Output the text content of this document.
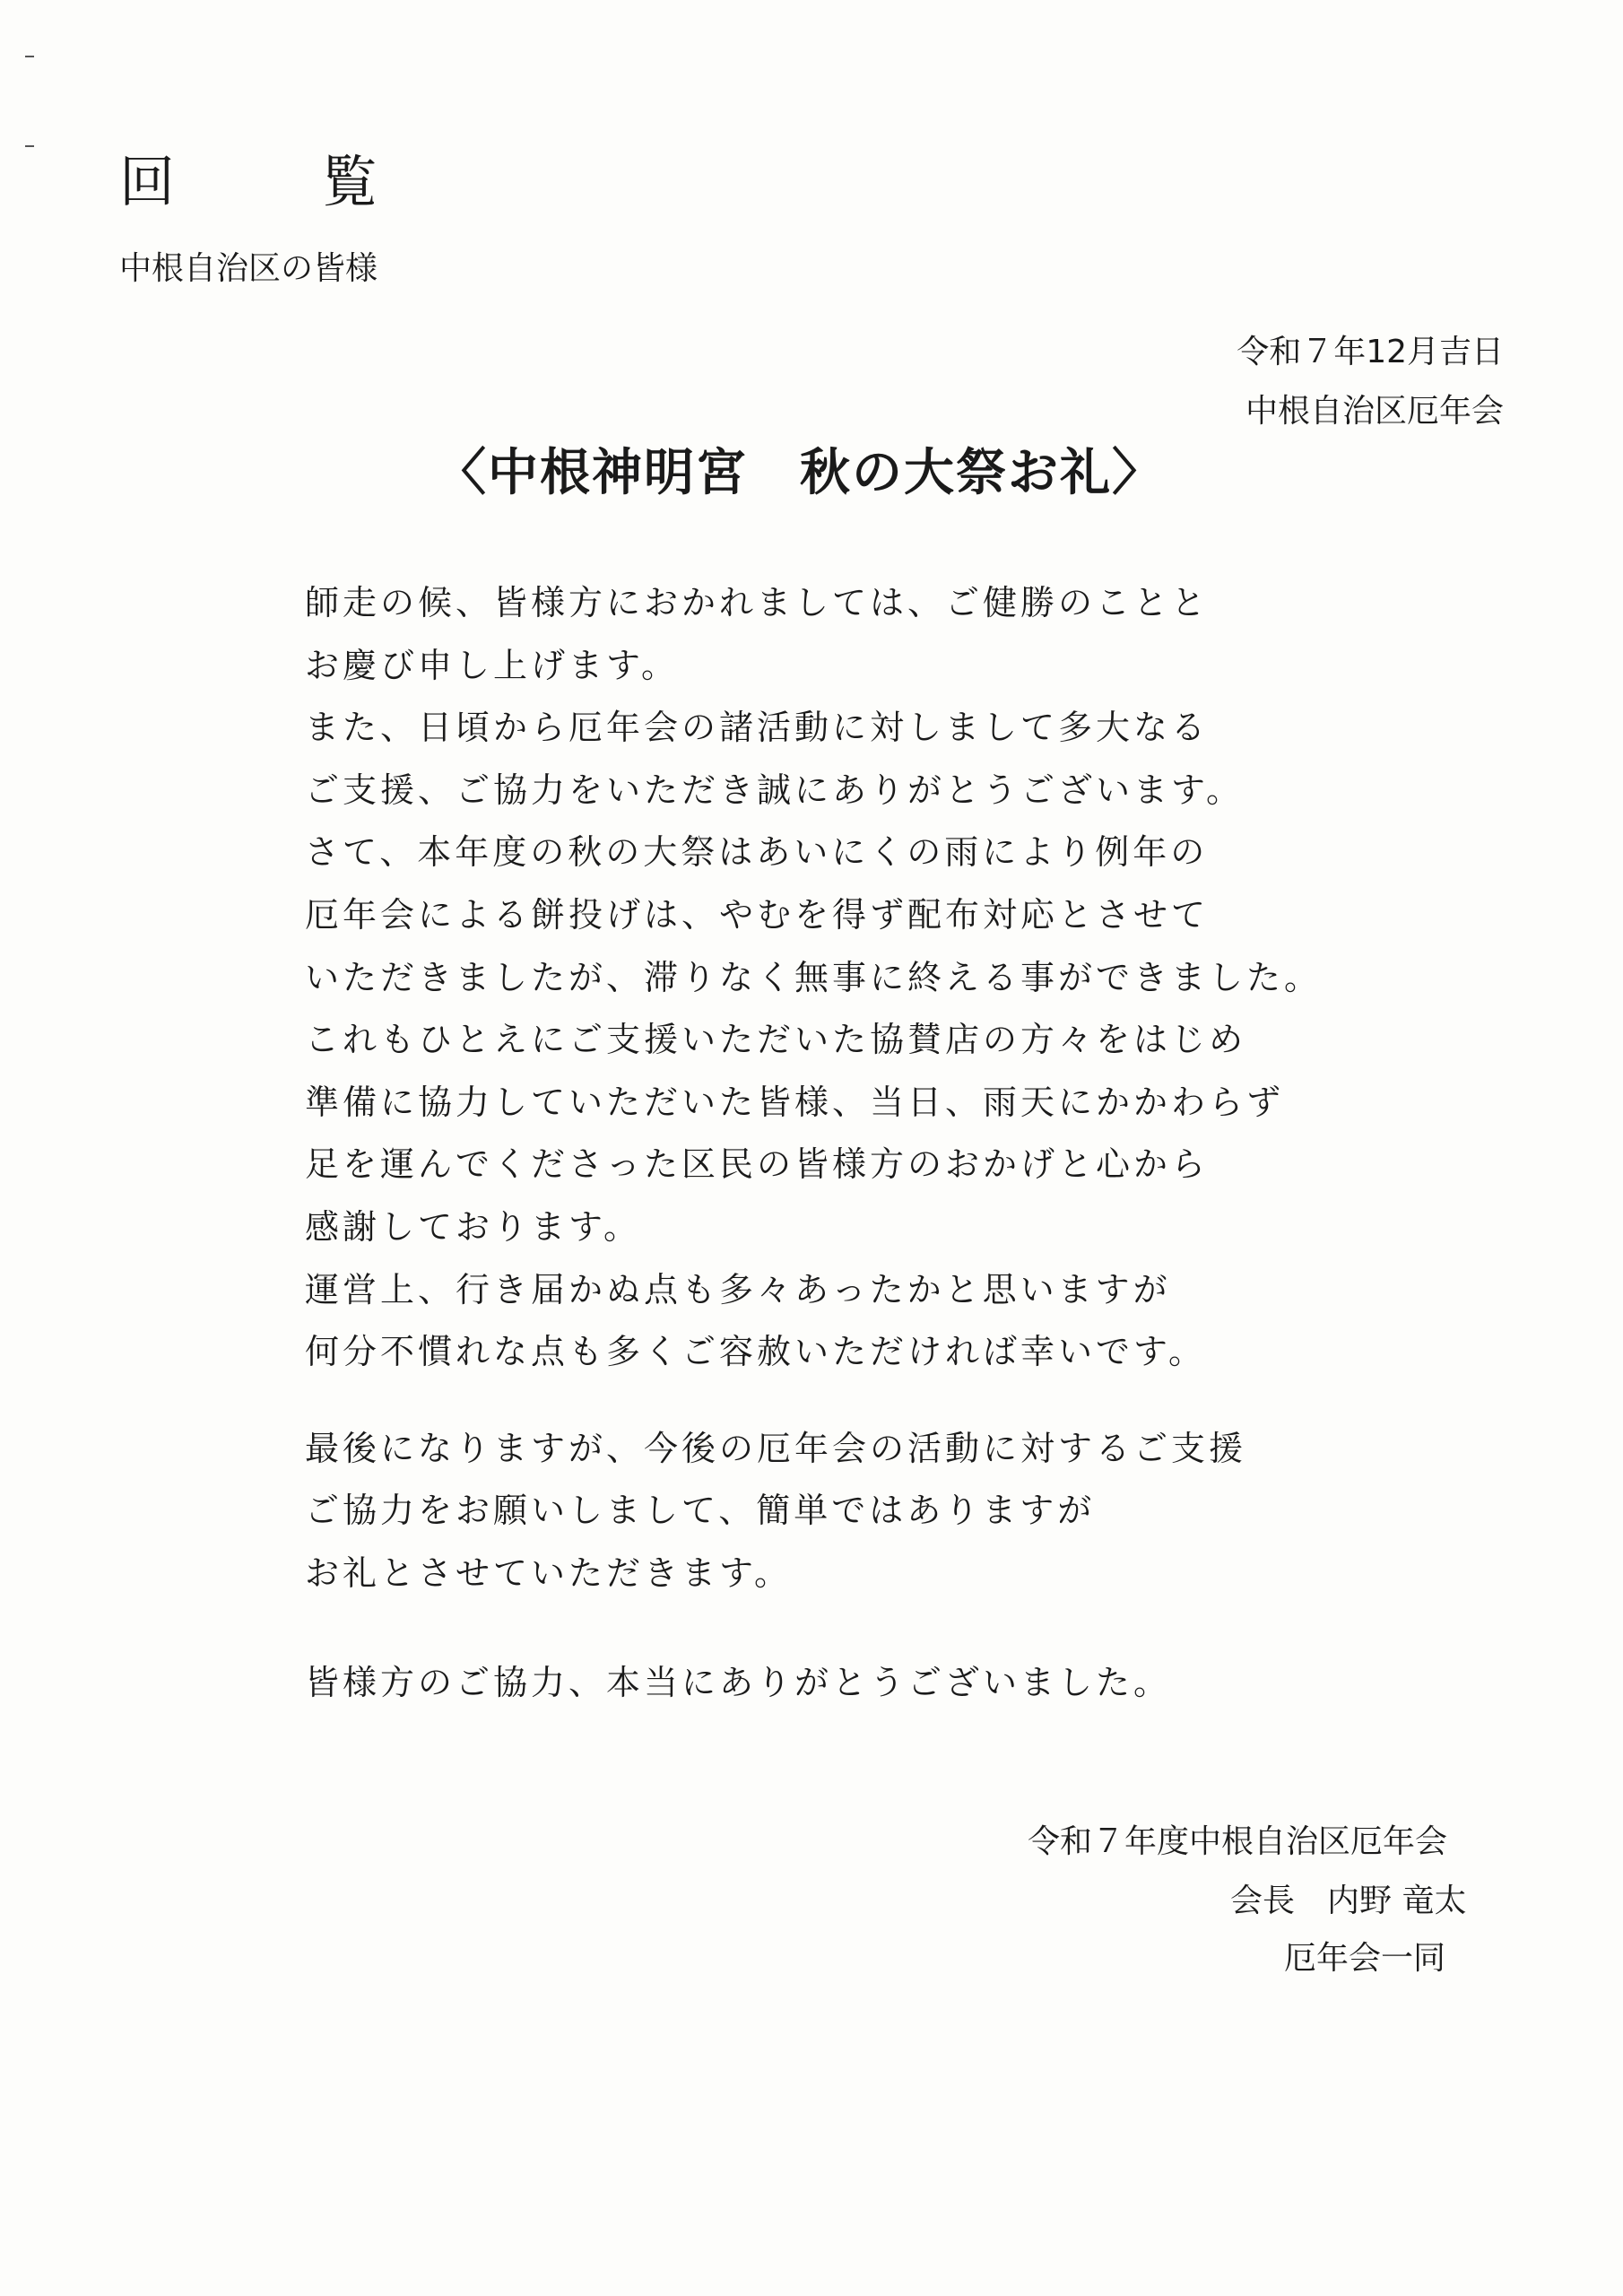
回 覧
中根自治区の皆様
令和７年12月吉日
中根自治区厄年会
〈中根神明宮　秋の大祭お礼〉
師走の候、皆様方におかれましては、ご健勝のことと
お慶び申し上げます。
また、日頃から厄年会の諸活動に対しまして多大なる
ご支援、ご協力をいただき誠にありがとうございます。
さて、本年度の秋の大祭はあいにくの雨により例年の
厄年会による餅投げは、やむを得ず配布対応とさせて
いただきましたが、滞りなく無事に終える事ができました。
これもひとえにご支援いただいた協賛店の方々をはじめ
準備に協力していただいた皆様、当日、雨天にかかわらず
足を運んでくださった区民の皆様方のおかげと心から
感謝しております。
運営上、行き届かぬ点も多々あったかと思いますが
何分不慣れな点も多くご容赦いただければ幸いです。
最後になりますが、今後の厄年会の活動に対するご支援
ご協力をお願いしまして、簡単ではありますが
お礼とさせていただきます。
皆様方のご協力、本当にありがとうございました。
令和７年度中根自治区厄年会
会長　内野 竜太
厄年会一同
